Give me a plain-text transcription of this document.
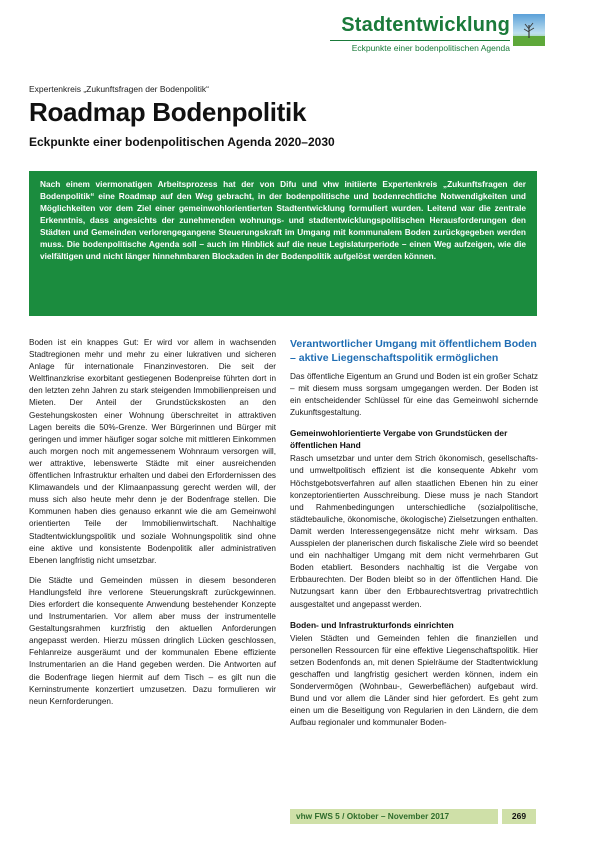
Stadtentwicklung
Eckpunkte einer bodenpolitischen Agenda
Expertenkreis „Zukunftsfragen der Bodenpolitik“
Roadmap Bodenpolitik
Eckpunkte einer bodenpolitischen Agenda 2020–2030

Nach einem viermonatigen Arbeitsprozess hat der von Difu und vhw initiierte Expertenkreis „Zukunftsfragen der Bodenpolitik“ eine Roadmap auf den Weg gebracht, in der bodenpolitische und bodenrechtliche Notwendigkeiten und Möglichkeiten vor dem Ziel einer gemeinwohlorientierten Stadtentwicklung formuliert wurden. Leitend war die zentrale Erkenntnis, dass angesichts der zunehmenden wohnungs- und stadtentwicklungspolitischen Herausforderungen den Städten und Gemeinden verlorengegangene Steuerungskraft im Umgang mit kommunalem Boden zurückgegeben werden muss. Die bodenpolitische Agenda soll – auch im Hinblick auf die neue Legislaturperiode – einen Weg aufzeigen, wie die vielfältigen und nicht länger hinnehmbaren Blockaden in der Bodenpolitik aufgelöst werden können.

Boden ist ein knappes Gut: Er wird vor allem in wachsenden Stadtregionen mehr und mehr zu einer lukrativen und sicheren Anlage für internationale Finanzinvestoren. Die seit der Weltfinanzkrise exorbitant gestiegenen Bodenpreise führten dort in den letzten zehn Jahren zu stark steigenden Immobilienpreisen und Mieten. Der Anteil der Grundstückskosten an den Gestehungskosten einer Wohnung überschreitet in attraktiven Lagen bereits die 50%-Grenze. Wer Bürgerinnen und Bürger mit geringen und immer häufiger sogar solche mit mittleren Einkommen auch morgen noch mit angemessenem Wohnraum versorgen will, wer attraktive, lebenswerte Städte mit einer ausreichenden öffentlichen Infrastruktur erhalten und dabei den Erfordernissen des Klimawandels und der Klimaanpassung gerecht werden will, der muss sich also heute mehr denn je der Bodenfrage stellen. Die Kommunen haben dies genauso erkannt wie die am Gemeinwohl orientierten Teile der Immobilienwirtschaft. Nachhaltige Stadtentwicklungspolitik und soziale Wohnungspolitik sind ohne eine aktive und konsistente Bodenpolitik aller administrativen Ebenen langfristig nicht umsetzbar.

Die Städte und Gemeinden müssen in diesem besonderen Handlungsfeld ihre verlorene Steuerungskraft zurückgewinnen. Dies erfordert die konsequente Anwendung bestehender Konzepte und Instrumentarien. Vor allem aber muss der instrumentelle Gestaltungsrahmen kurzfristig den aktuellen Anforderungen angepasst werden. Hierzu müssen dringlich Lücken geschlossen, Fehlanreize ausgeräumt und der kommunalen Ebene effiziente Instrumentarien an die Hand gegeben werden. Die Antworten auf die Bodenfrage liegen hiermit auf dem Tisch – es gilt nun die Kerninstrumente konzertiert umzusetzen. Dazu formulieren wir neun Kernforderungen.

Verantwortlicher Umgang mit öffentlichem Boden – aktive Liegenschaftspolitik ermöglichen

Das öffentliche Eigentum an Grund und Boden ist ein großer Schatz – mit diesem muss sorgsam umgegangen werden. Der Boden ist ein entscheidender Schlüssel für eine das Gemeinwohl sichernde Zukunftsgestaltung.

Gemeinwohlorientierte Vergabe von Grundstücken der öffentlichen Hand

Rasch umsetzbar und unter dem Strich ökonomisch, gesellschafts- und umweltpolitisch effizient ist die konsequente Abkehr vom Höchstgebotsverfahren auf allen staatlichen Ebenen hin zu einer konzeptorientierten Ausschreibung. Diese muss je nach Standort und Rahmenbedingungen unterschiedliche (sozialpolitische, städtebauliche, ökonomische, ökologische) Zielsetzungen enthalten. Damit werden Interessengegensätze nicht mehr wirksam. Das Ausspielen der planerischen durch fiskalische Ziele wird so beendet und ein nachhaltiger Umgang mit dem nicht vermehrbaren Gut Boden etabliert. Besonders nachhaltig ist die Vergabe von Erbbaurechten. Der Boden bleibt so in der öffentlichen Hand. Die Nutzungsart kann über den Erbbaurechtsvertrag privatrechtlich ausgestaltet und angepasst werden.

Boden- und Infrastrukturfonds einrichten

Vielen Städten und Gemeinden fehlen die finanziellen und personellen Ressourcen für eine effektive Liegenschaftspolitik. Hier setzen Bodenfonds an, mit denen Spielräume der Stadtentwicklung geschaffen und langfristig gesichert werden können, indem ein Sondervermögen (Wohnbau-, Gewerbeflächen) aufgebaut wird. Bund und vor allem die Länder sind hier gefordert. Es geht zum einen um die Beseitigung von Regularien in den Ländern, die dem Aufbau regionaler und kommunaler Boden-

vhw FWS 5 / Oktober – November 2017	269
